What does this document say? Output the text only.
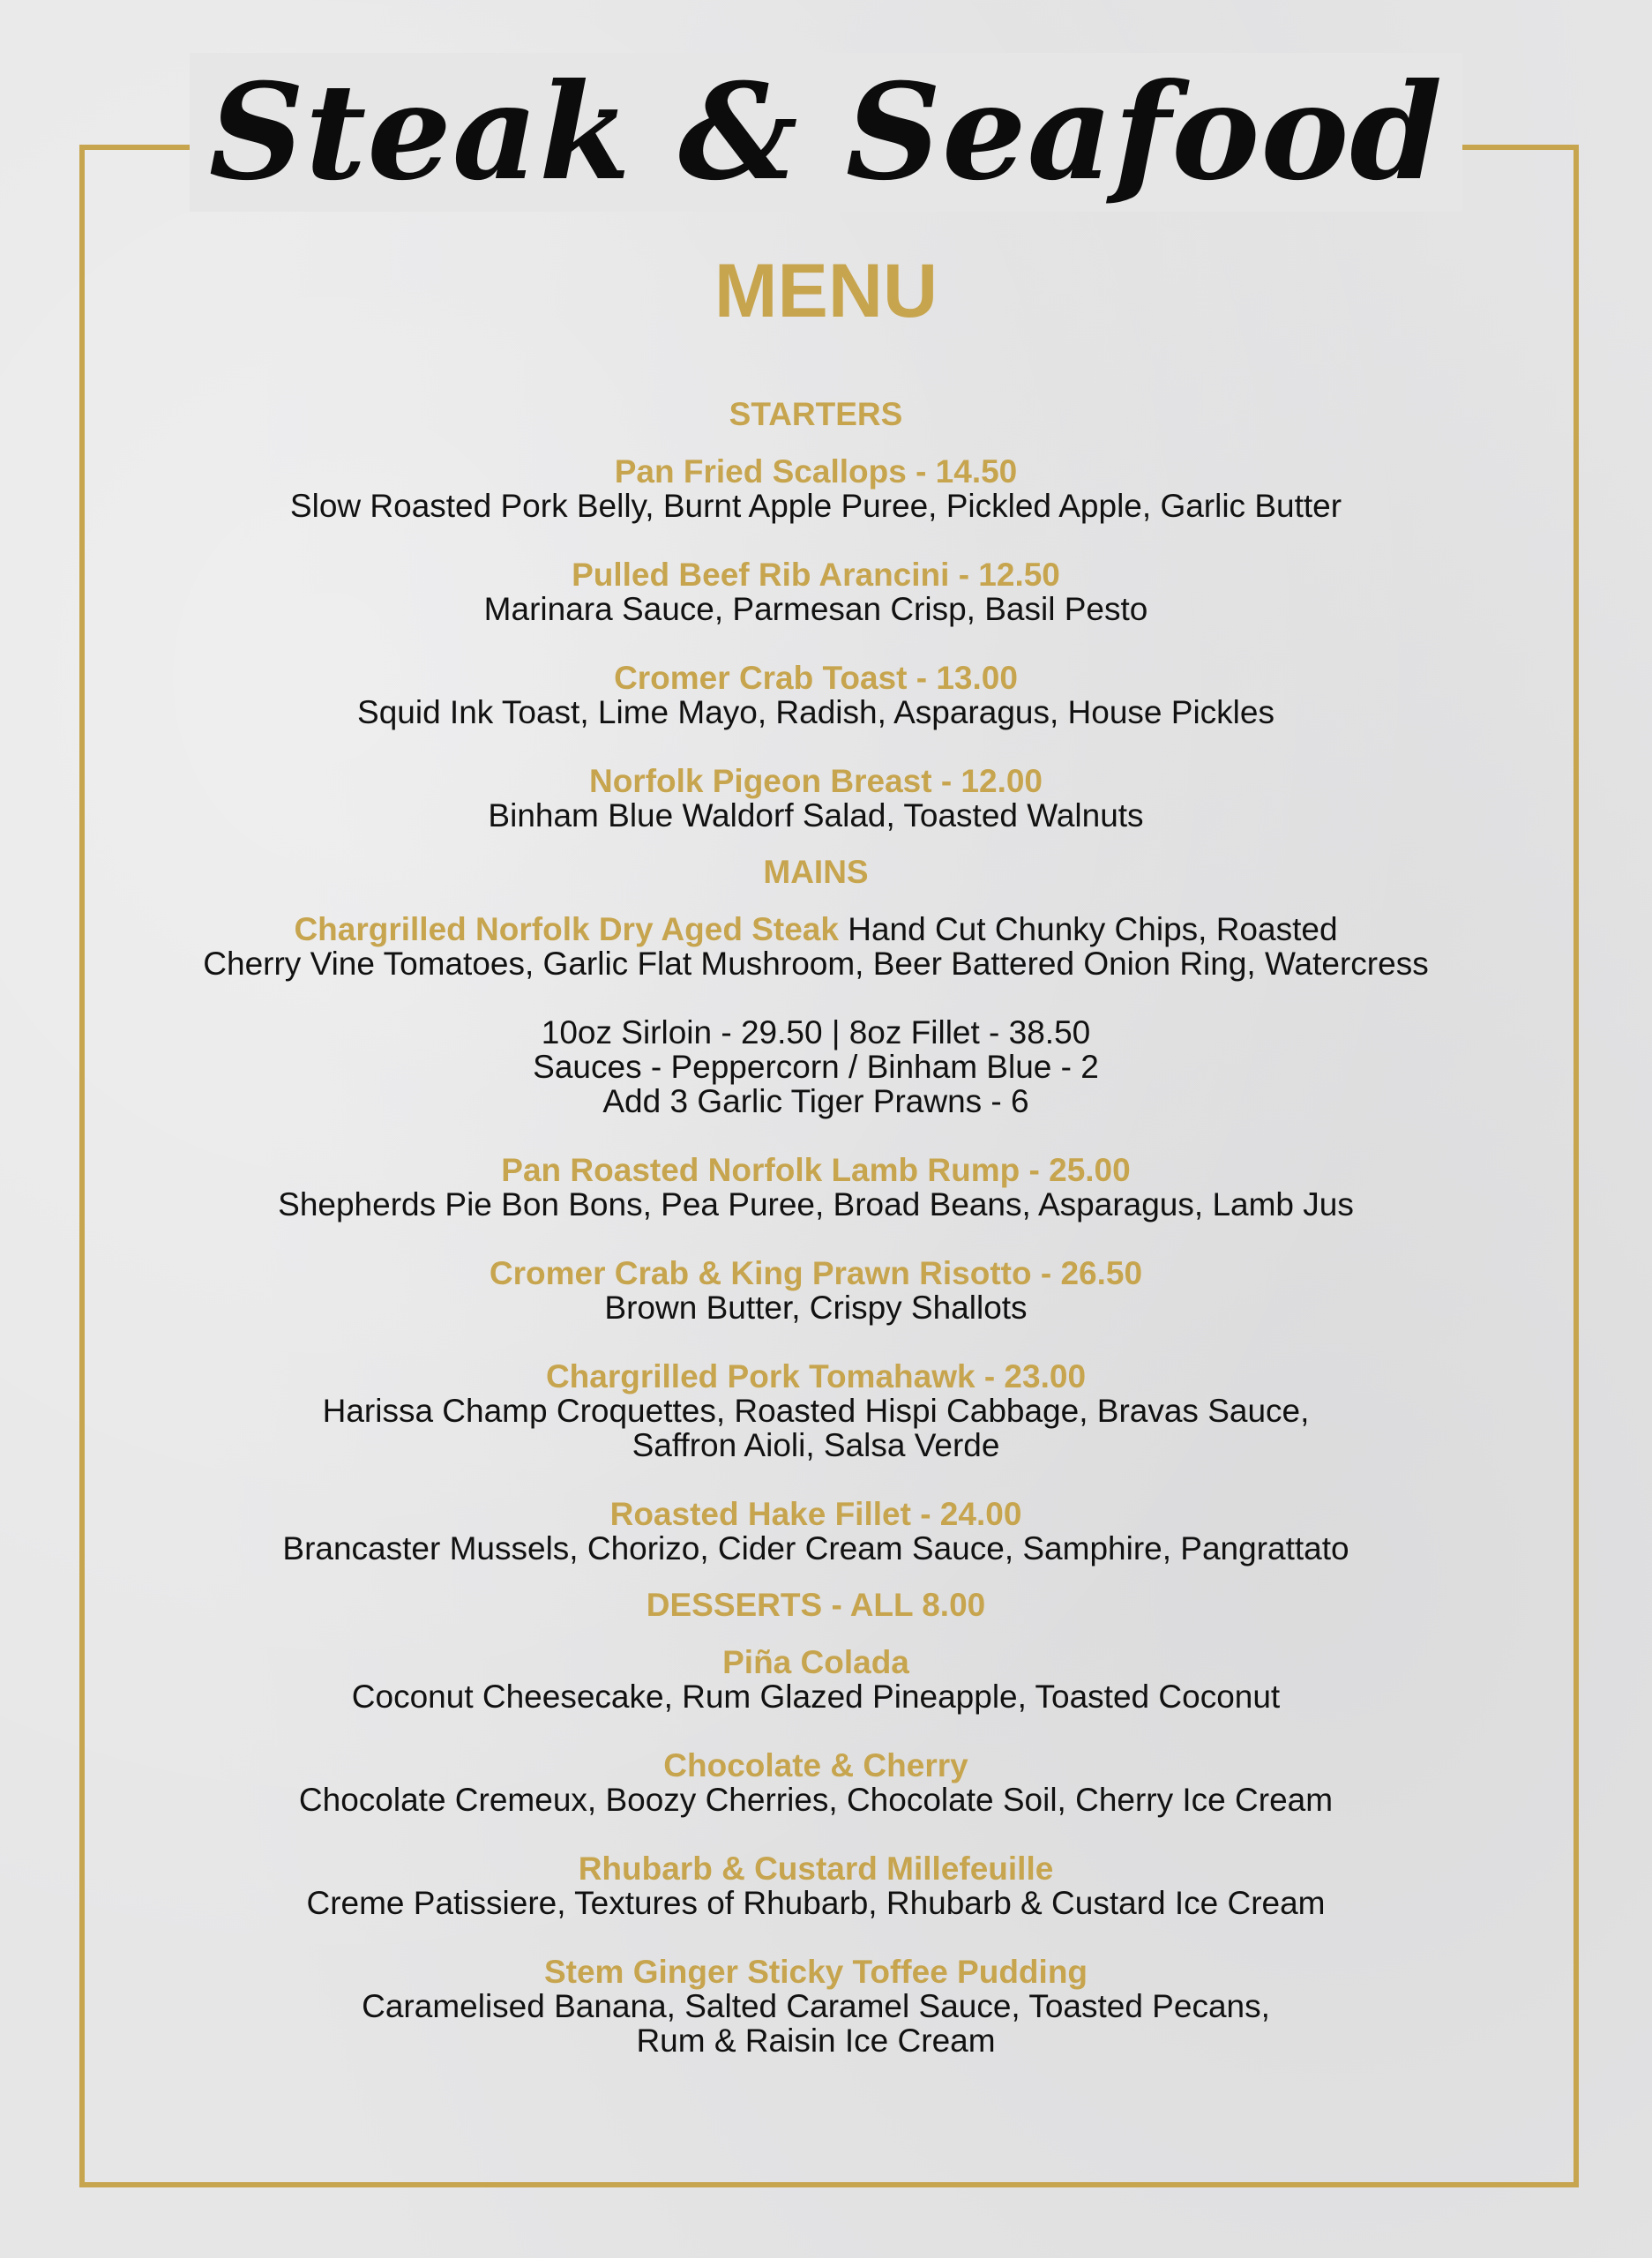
Steak & Seafood
MENU

STARTERS

Pan Fried Scallops - 14.50
Slow Roasted Pork Belly, Burnt Apple Puree, Pickled Apple, Garlic Butter
Pulled Beef Rib Arancini - 12.50
Marinara Sauce, Parmesan Crisp, Basil Pesto
Cromer Crab Toast - 13.00
Squid Ink Toast, Lime Mayo, Radish, Asparagus, House Pickles
Norfolk Pigeon Breast - 12.00
Binham Blue Waldorf Salad, Toasted Walnuts

MAINS

Chargrilled Norfolk Dry Aged Steak Hand Cut Chunky Chips, Roasted
Cherry Vine Tomatoes, Garlic Flat Mushroom, Beer Battered Onion Ring, Watercress
10oz Sirloin - 29.50 | 8oz Fillet - 38.50
Sauces - Peppercorn / Binham Blue - 2
Add 3 Garlic Tiger Prawns - 6
Pan Roasted Norfolk Lamb Rump - 25.00
Shepherds Pie Bon Bons, Pea Puree, Broad Beans, Asparagus, Lamb Jus
Cromer Crab & King Prawn Risotto - 26.50
Brown Butter, Crispy Shallots
Chargrilled Pork Tomahawk - 23.00
Harissa Champ Croquettes, Roasted Hispi Cabbage, Bravas Sauce,
Saffron Aioli, Salsa Verde
Roasted Hake Fillet - 24.00
Brancaster Mussels, Chorizo, Cider Cream Sauce, Samphire, Pangrattato

DESSERTS - ALL 8.00

Piña Colada
Coconut Cheesecake, Rum Glazed Pineapple, Toasted Coconut
Chocolate & Cherry
Chocolate Cremeux, Boozy Cherries, Chocolate Soil, Cherry Ice Cream
Rhubarb & Custard Millefeuille
Creme Patissiere, Textures of Rhubarb, Rhubarb & Custard Ice Cream
Stem Ginger Sticky Toffee Pudding
Caramelised Banana, Salted Caramel Sauce, Toasted Pecans,
Rum & Raisin Ice Cream
